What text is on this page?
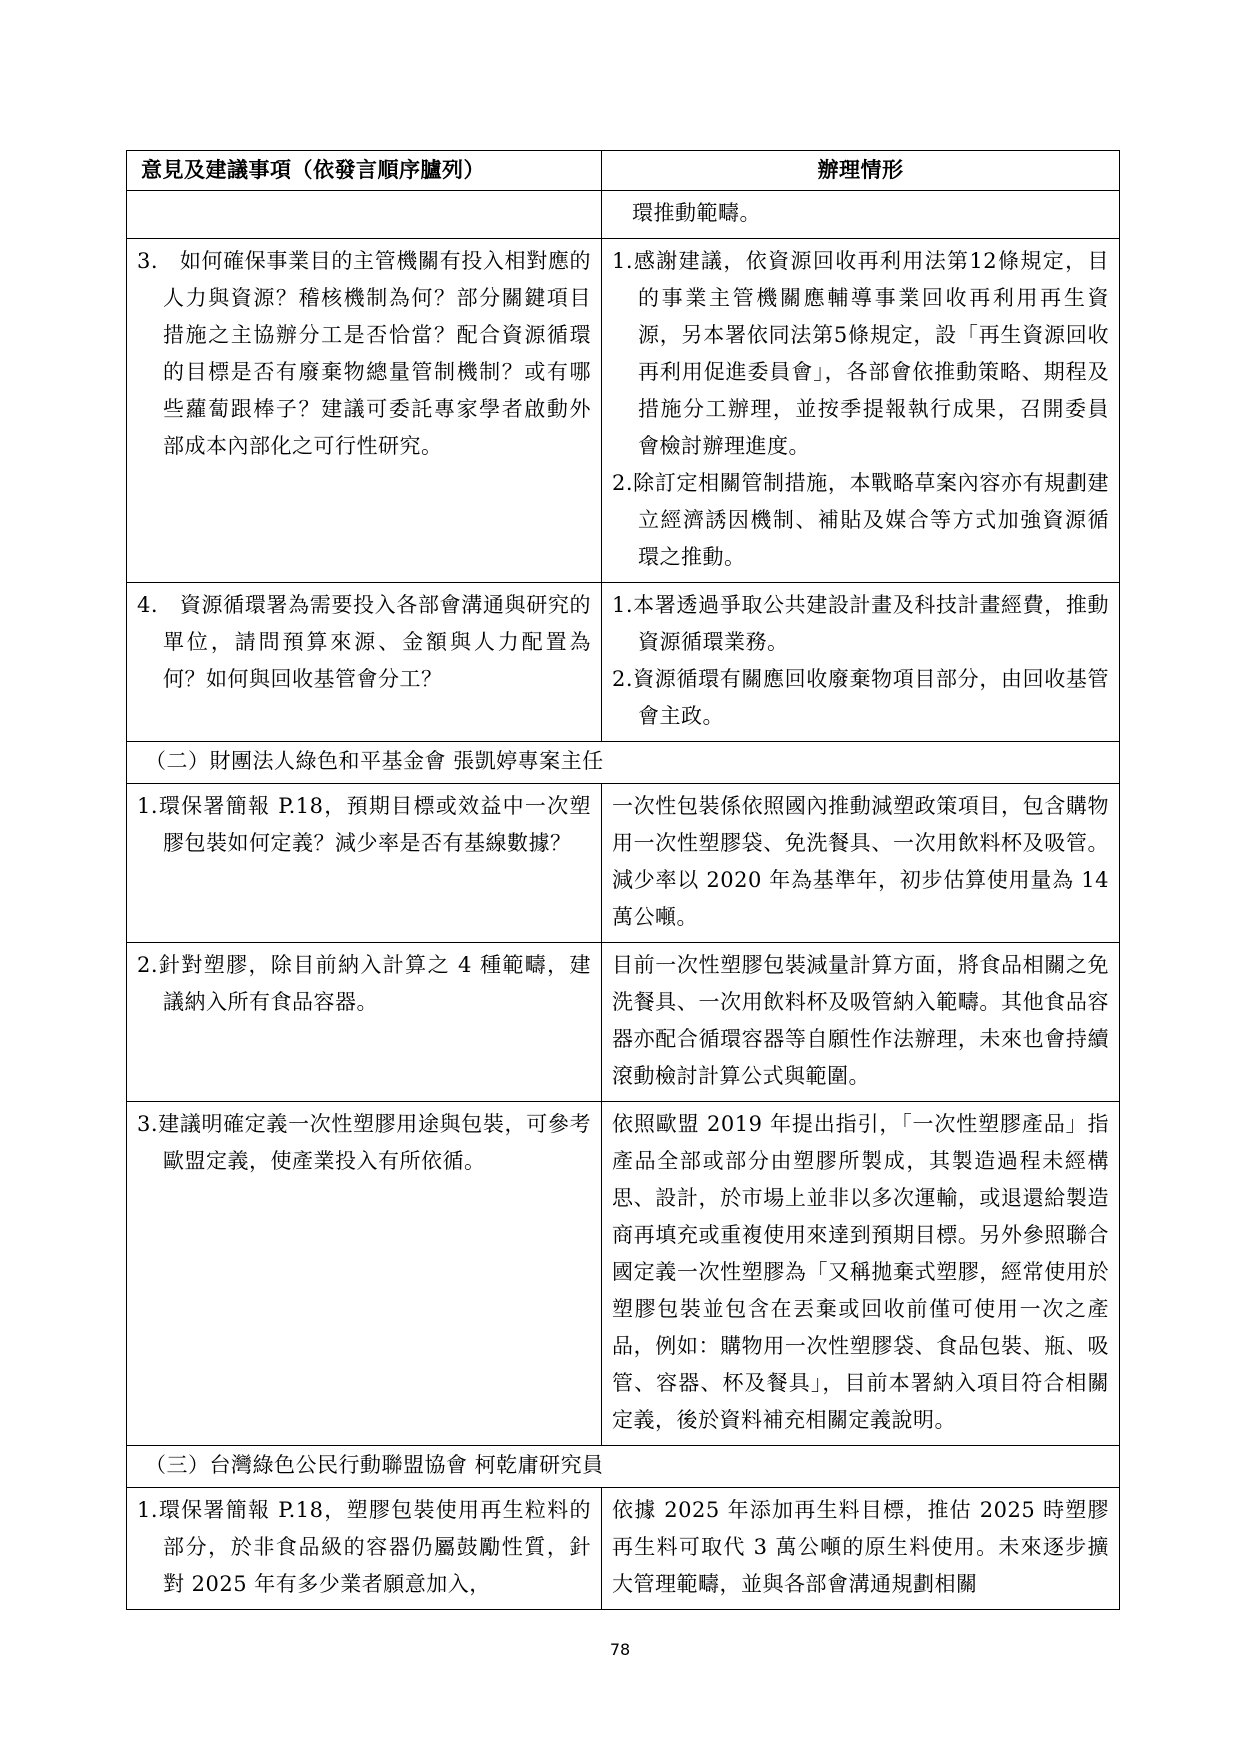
意見及建議事項（依發言順序臚列）	辦理情形
	環推動範疇。

3.　如何確保事業目的主管機關有投入相對應的人力與資源？稽核機制為何？部分關鍵項目措施之主協辦分工是否恰當？配合資源循環的目標是否有廢棄物總量管制機制？或有哪些蘿蔔跟棒子？建議可委託專家學者啟動外部成本內部化之可行性研究。	1.感謝建議，依資源回收再利用法第12條規定，目的事業主管機關應輔導事業回收再利用再生資源，另本署依同法第5條規定，設「再生資源回收再利用促進委員會」，各部會依推動策略、期程及措施分工辦理，並按季提報執行成果，召開委員會檢討辦理進度。
2.除訂定相關管制措施，本戰略草案內容亦有規劃建立經濟誘因機制、補貼及媒合等方式加強資源循環之推動。

4.　資源循環署為需要投入各部會溝通與研究的單位，請問預算來源、金額與人力配置為何？如何與回收基管會分工？	1.本署透過爭取公共建設計畫及科技計畫經費，推動資源循環業務。
2.資源循環有關應回收廢棄物項目部分，由回收基管會主政。

（二）財團法人綠色和平基金會 張凱婷專案主任	

1.環保署簡報 P.18，預期目標或效益中一次塑膠包裝如何定義？減少率是否有基線數據？	一次性包裝係依照國內推動減塑政策項目，包含購物用一次性塑膠袋、免洗餐具、一次用飲料杯及吸管。減少率以 2020 年為基準年，初步估算使用量為 14 萬公噸。

2.針對塑膠，除目前納入計算之 4 種範疇，建議納入所有食品容器。	目前一次性塑膠包裝減量計算方面，將食品相關之免洗餐具、一次用飲料杯及吸管納入範疇。其他食品容器亦配合循環容器等自願性作法辦理，未來也會持續滾動檢討計算公式與範圍。

3.建議明確定義一次性塑膠用途與包裝，可參考歐盟定義，使產業投入有所依循。	依照歐盟 2019 年提出指引，「一次性塑膠產品」指產品全部或部分由塑膠所製成，其製造過程未經構思、設計，於市場上並非以多次運輸，或退還給製造商再填充或重複使用來達到預期目標。另外參照聯合國定義一次性塑膠為「又稱拋棄式塑膠，經常使用於塑膠包裝並包含在丟棄或回收前僅可使用一次之產品，例如：購物用一次性塑膠袋、食品包裝、瓶、吸管、容器、杯及餐具」，目前本署納入項目符合相關定義，後於資料補充相關定義說明。
（三）台灣綠色公民行動聯盟協會 柯乾庸研究員	

1.環保署簡報 P.18，塑膠包裝使用再生粒料的部分，於非食品級的容器仍屬鼓勵性質，針對 2025 年有多少業者願意加入，	依據 2025 年添加再生料目標，推估 2025 時塑膠再生料可取代 3 萬公噸的原生料使用。未來逐步擴大管理範疇，並與各部會溝通規劃相關
78
